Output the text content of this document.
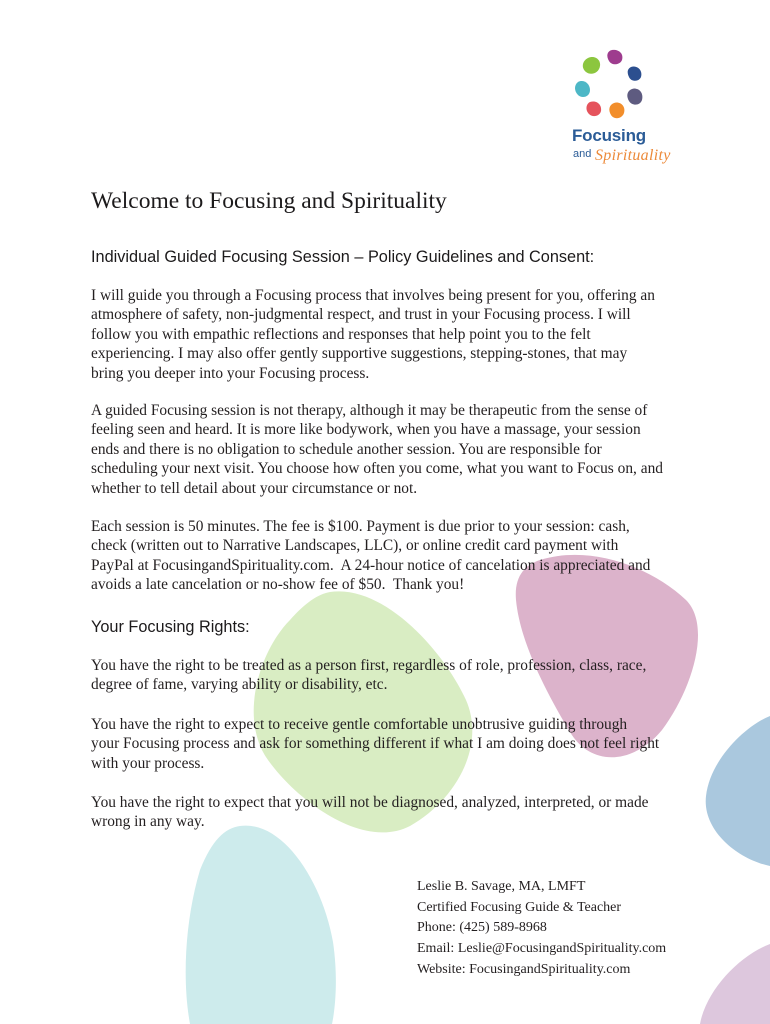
Focusing
and Spirituality
Welcome to Focusing and Spirituality
Individual Guided Focusing Session – Policy Guidelines and Consent:
I will guide you through a Focusing process that involves being present for you, offering an
atmosphere of safety, non-judgmental respect, and trust in your Focusing process. I will
follow you with empathic reflections and responses that help point you to the felt
experiencing. I may also offer gently supportive suggestions, stepping-stones, that may
bring you deeper into your Focusing process.
A guided Focusing session is not therapy, although it may be therapeutic from the sense of
feeling seen and heard. It is more like bodywork, when you have a massage, your session
ends and there is no obligation to schedule another session. You are responsible for
scheduling your next visit. You choose how often you come, what you want to Focus on, and
whether to tell detail about your circumstance or not.
Each session is 50 minutes. The fee is $100. Payment is due prior to your session: cash,
check (written out to Narrative Landscapes, LLC), or online credit card payment with
PayPal at FocusingandSpirituality.com.  A 24-hour notice of cancelation is appreciated and
avoids a late cancelation or no-show fee of $50.  Thank you!
Your Focusing Rights:
You have the right to be treated as a person first, regardless of role, profession, class, race,
degree of fame, varying ability or disability, etc.
You have the right to expect to receive gentle comfortable unobtrusive guiding through
your Focusing process and ask for something different if what I am doing does not feel right
with your process.
You have the right to expect that you will not be diagnosed, analyzed, interpreted, or made
wrong in any way.
Leslie B. Savage, MA, LMFT
Certified Focusing Guide & Teacher
Phone: (425) 589-8968
Email: Leslie@FocusingandSpirituality.com
Website: FocusingandSpirituality.com
